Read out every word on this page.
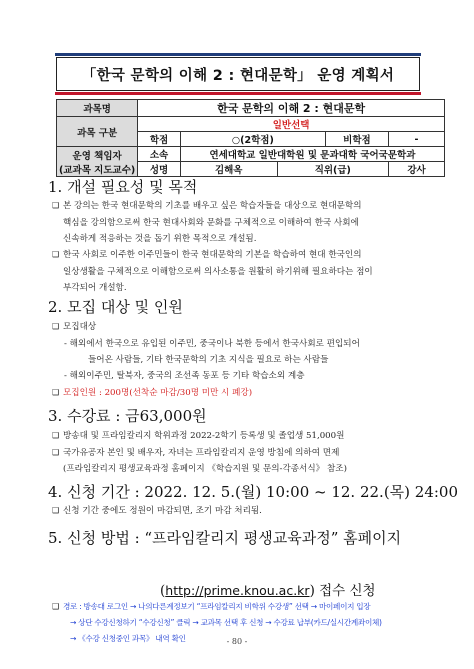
「한국 문학의 이해 2 : 현대문학」 운영 계획서
과목명	한국 문학의 이해 2 : 현대문학				
과목 구분	일반선택				
	학점	○(2학점)		비학점	-

운영 책임자
(교과목 지도교수)	소속	연세대학교 일반대학원 및 문과대학 국어국문학과			
	성명	김해옥	직위(급)		강사
1. 개설 필요성 및 목적
❑ 본 강의는 한국 현대문학의 기초를 배우고 싶은 학습자들을 대상으로 현대문학의
핵심을 강의함으로써 한국 현대사회와 문화를 구체적으로 이해하여 한국 사회에
신속하게 적응하는 것을 돕기 위한 목적으로 개설됨.
❑ 한국 사회로 이주한 이주민들이 한국 현대문학의 기본을 학습하여 현대 한국인의
일상생활을 구체적으로 이해함으로써 의사소통을 원활히 하기위해 필요하다는 점이
부각되어 개설함.
2. 모집 대상 및 인원
❑ 모집대상
- 해외에서 한국으로 유입된 이주민, 중국이나 북한 등에서 한국사회로 편입되어
들어온 사람들, 기타 한국문학의 기초 지식을 필요로 하는 사람들
- 해외이주민, 탈북자, 중국의 조선족 동포 등 기타 학습소외 계층
❑ 모집인원 : 200명(선착순 마감/30명 미만 시 폐강)
3. 수강료 : 금63,000원
❑ 방송대 및 프라임칼리지 학위과정 2022-2학기 등록생 및 졸업생 51,000원
❑ 국가유공자 본인 및 배우자, 자녀는 프라임칼리지 운영 방침에 의하여 면제
(프라임칼리지 평생교육과정 홈페이지 《학습지원 및 문의-각종서식》 참조)
4. 신청 기간 : 2022. 12. 5.(월) 10:00 ~ 12. 22.(목) 24:00
❑ 신청 기간 중에도 정원이 마감되면, 조기 마감 처리됨.
5. 신청 방법 : “프라임칼리지 평생교육과정” 홈페이지
(http://prime.knou.ac.kr) 접수 신청
❑ 경로 : 방송대 로그인 → 나의다른계정보기 “프라임칼리지 비학위 수강생” 선택 → 마이페이지 입장
→ 상단 수강신청하기 “수강신청” 클릭 → 교과목 선택 후 신청 → 수강료 납부(카드/실시간계좌이체)
→ 《수강 신청중인 과목》 내역 확인	- 80 -
